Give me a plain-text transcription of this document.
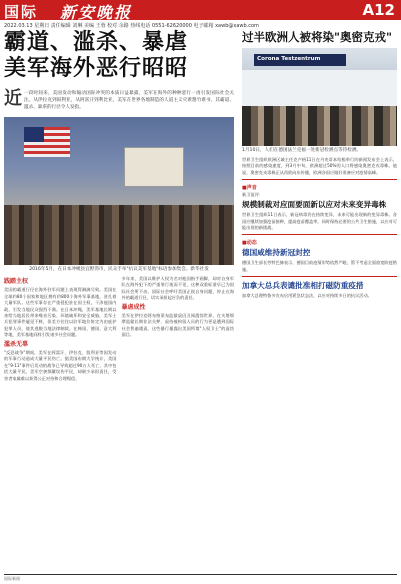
国际 新安晚报	A12
2022.03.13 星期日 责任编辑 刘琳 美编 王蓉 校对 余路 热线电话 0551-62620000 电子邮箱 xawb@xawb.com
霸道、滥杀、暴虐
美军海外恶行昭昭
近 一段时间来，美国发动和煽动国际冲突的本质日益暴露，美军在海外的种种恶行一再引发国际社会关注。从伊拉克到叙利亚，从阿富汗到利比亚，美军在世界各地制造的人道主义灾难罄竹难书，其霸道、滥杀、暴虐的行径令人发指。
2016年5月，在日本冲绳县宜野湾市，民众手举"抗议美军基地"标语参加集会。新华社发
践踏主权
美国的霸道行径在海外驻军问题上表现得淋漓尽致。美国在全球约80个国家和地区拥有约800个海外军事基地，驻扎着大量军队。这些军事存在严重侵犯驻在国主权，干涉他国内政，引发当地民众强烈不满。在日本冲绳，美军基地长期以来给当地居民带来噪音污染、环境破坏和安全威胁，美军士兵犯罪事件屡见不鲜，但美方往往以驻军地位协定为由庇护犯罪人员，使其逃脱当地法律制裁。在韩国、德国、意大利等地，美军基地同样引发诸多社会问题。
滥杀无辜
"反恐战争"期间，美军在阿富汗、伊拉克、叙利亚等国发动的军事行动造成大量平民伤亡。据美国布朗大学统计，美国在"9·11"事件后发动的战争已导致超过90万人死亡，其中包括大量平民。美军空袭频繁误伤平民，却极少承担责任，受害者家属难以获得公正对待和合理赔偿。
多年来，美国以维护人权为名对他国指手画脚，却对自身军队在海外犯下的严重罪行视而不见，这种双重标准早已为国际社会所不齿。国际社会呼吁美国正视自身问题，停止在海外的霸道行径，切实承担起应负的责任。
暴虐成性
美军在伊拉克阿布格莱布监狱虐囚丑闻震惊世界，在关塔那摩监狱长期非法关押、虐待被拘留人员的行为更是遭到国际社会普遍谴责。这些暴行暴露出美国所谓"人权卫士"的虚伪面目。
过半欧洲人被将染"奥密克戎"
Corona Testzentrum
1月10日，人们在德国法兰克福一处新冠检测点等待检测。
世界卫生组织欧洲区域主任克卢格11日在丹麦哥本哈根举行的新闻发布会上表示，按照目前的感染速度，到3月中旬，欧洲超过50%的人口将感染奥密克戎毒株。他说，奥密克戎毒株正从西欧向东传播，欧洲各国应做好准备应对疫情高峰。
■声音
新卫谊评：
规模制裁对应面要面新以应对未来变异毒株
世界卫生组织11日表示，新冠病毒仍在持续变异，未来可能出现新的变异毒株。各国应继续加强疫苗接种，提高疫苗覆盖率，同时保持必要的公共卫生措施，以应对可能出现的新挑战。
■动态
德国咸维持新冠封控
德国卫生部长劳特巴赫表示，德国目前疫情形势依然严峻，暂不考虑全面放宽防疫措施。
加拿大总兵表谴批准相打磁防重疫措
加拿大总理特鲁多宣布启用紧急状态法，以应对持续多日的抗议活动。
国际新闻
